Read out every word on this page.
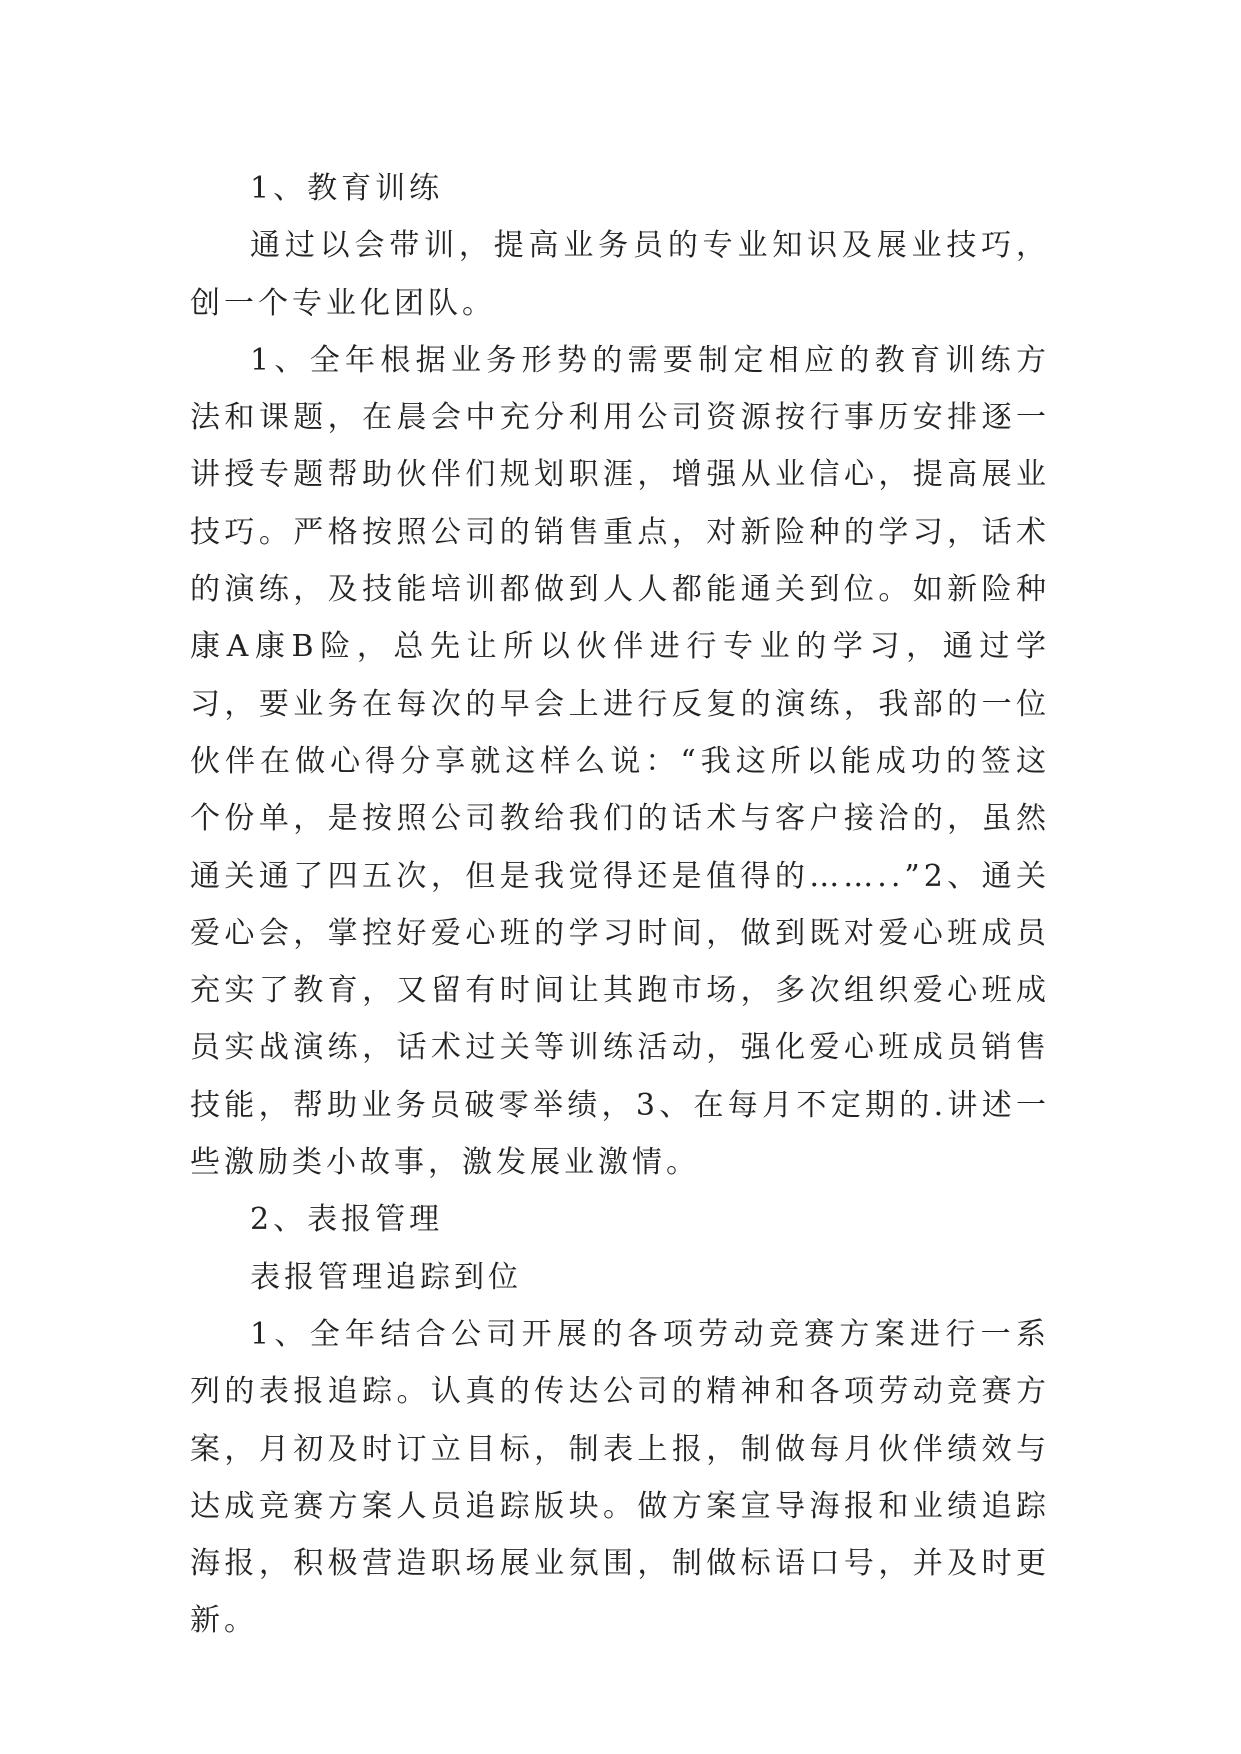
1、教育训练

通过以会带训，提高业务员的专业知识及展业技巧，创一个专业化团队。

1、全年根据业务形势的需要制定相应的教育训练方法和课题，在晨会中充分利用公司资源按行事历安排逐一讲授专题帮助伙伴们规划职涯，增强从业信心，提高展业技巧。严格按照公司的销售重点，对新险种的学习，话术的演练，及技能培训都做到人人都能通关到位。如新险种康A康B险，总先让所以伙伴进行专业的学习，通过学习，要业务在每次的早会上进行反复的演练，我部的一位伙伴在做心得分享就这样么说：“我这所以能成功的签这个份单，是按照公司教给我们的话术与客户接洽的，虽然通关通了四五次，但是我觉得还是值得的……..”2、通关爱心会，掌控好爱心班的学习时间，做到既对爱心班成员充实了教育，又留有时间让其跑市场，多次组织爱心班成员实战演练，话术过关等训练活动，强化爱心班成员销售技能，帮助业务员破零举绩，3、在每月不定期的.讲述一些激励类小故事，激发展业激情。

2、表报管理

表报管理追踪到位

1、全年结合公司开展的各项劳动竞赛方案进行一系列的表报追踪。认真的传达公司的精神和各项劳动竞赛方案，月初及时订立目标，制表上报，制做每月伙伴绩效与达成竞赛方案人员追踪版块。做方案宣导海报和业绩追踪海报，积极营造职场展业氛围，制做标语口号，并及时更新。
